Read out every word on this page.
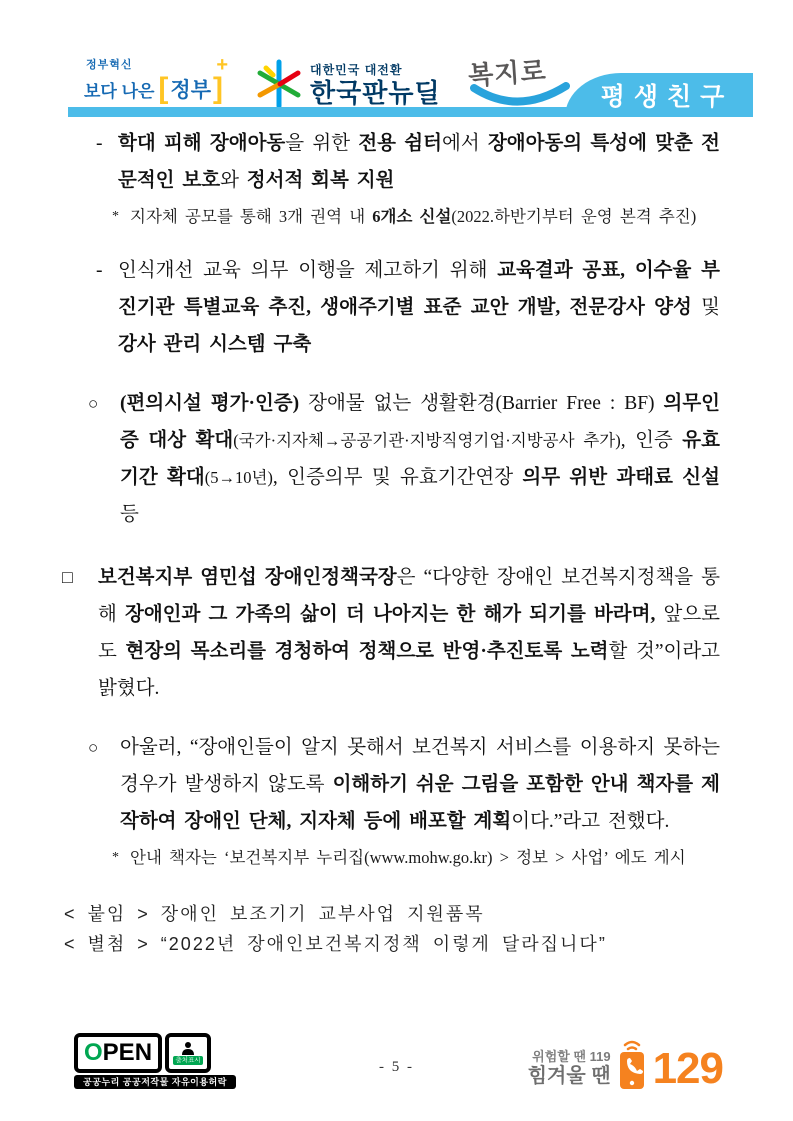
정부혁신
보다 나은 [ 정부 ]
+	대한민국 대전환
한국판뉴딜
복지로
평생친구
- 학대 피해 장애아동을 위한 전용 쉼터에서 장애아동의 특성에 맞춘 전문적인 보호와 정서적 회복 지원
* 지자체 공모를 통해 3개 권역 내 6개소 신설(2022.하반기부터 운영 본격 추진)
- 인식개선 교육 의무 이행을 제고하기 위해 교육결과 공표, 이수율 부진기관 특별교육 추진, 생애주기별 표준 교안 개발, 전문강사 양성 및 강사 관리 시스템 구축
○	(편의시설 평가·인증) 장애물 없는 생활환경(Barrier Free : BF) 의무인증 대상 확대(국가·지자체→공공기관·지방직영기업·지방공사 추가), 인증 유효기간 확대(5→10년), 인증의무 및 유효기간연장 의무 위반 과태료 신설 등
□	보건복지부 염민섭 장애인정책국장은 “다양한 장애인 보건복지정책을 통해 장애인과 그 가족의 삶이 더 나아지는 한 해가 되기를 바라며, 앞으로도 현장의 목소리를 경청하여 정책으로 반영·추진토록 노력할 것”이라고 밝혔다.
○	아울러, “장애인들이 알지 못해서 보건복지 서비스를 이용하지 못하는 경우가 발생하지 않도록 이해하기 쉬운 그림을 포함한 안내 책자를 제작하여 장애인 단체, 지자체 등에 배포할 계획이다.”라고 전했다.
* 안내 책자는 ‘보건복지부 누리집(www.mohw.go.kr) > 정보 > 사업’ 에도 게시
< 붙임 > 장애인 보조기기 교부사업 지원품목
< 별첨 > “2022년 장애인보건복지정책 이렇게 달라집니다”
OPEN	출처표시
공공누리 공공저작물 자유이용허락
- 5 -
위험할 땐 119
힘겨울 땐 129
